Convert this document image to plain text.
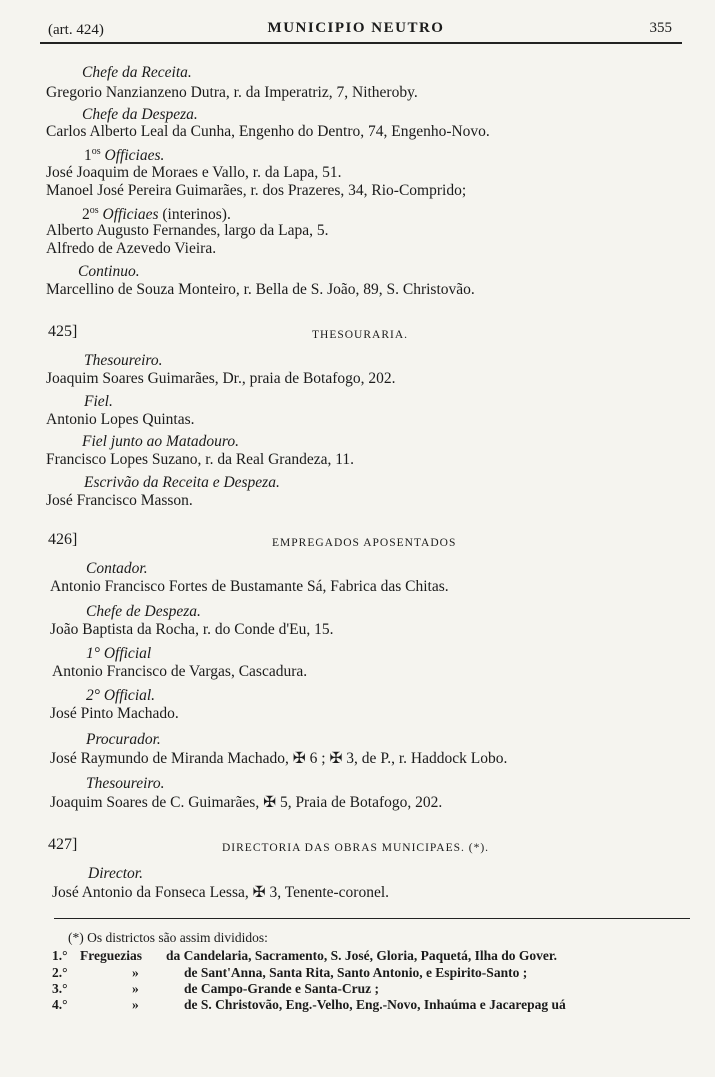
(art. 424)	MUNICIPIO NEUTRO	355
Chefe da Receita.
Gregorio Nanzianzeno Dutra, r. da Imperatriz, 7, Nitheroby.
Chefe da Despeza.
Carlos Alberto Leal da Cunha, Engenho do Dentro, 74, Engenho-Novo.
$1^{os}$ Officiaes.
José Joaquim de Moraes e Vallo, r. da Lapa, 51.
Manoel José Pereira Guimarães, r. dos Prazeres, 34, Rio-Comprido;
$2^{os}$ Officiaes (interinos).
Alberto Augusto Fernandes, largo da Lapa, 5.
Alfredo de Azevedo Vieira.
Continuo.
Marcellino de Souza Monteiro, r. Bella de S. João, 89, S. Christovão.
425]	THESOURARIA.
Thesoureiro.
Joaquim Soares Guimarães, Dr., praia de Botafogo, 202.
Fiel.
Antonio Lopes Quintas.
Fiel junto ao Matadouro.
Francisco Lopes Suzano, r. da Real Grandeza, 11.
Escrivão da Receita e Despeza.
José Francisco Masson.
426]	EMPREGADOS APOSENTADOS
Contador.
Antonio Francisco Fortes de Bustamante Sá, Fabrica das Chitas.
Chefe de Despeza.
João Baptista da Rocha, r. do Conde d'Eu, 15.
1° Official
Antonio Francisco de Vargas, Cascadura.
2° Official.
José Pinto Machado.
Procurador.
José Raymundo de Miranda Machado, ✠ 6 ; ✠ 3, de P., r. Haddock Lobo.
Thesoureiro.
Joaquim Soares de C. Guimarães, ✠ 5, Praia de Botafogo, 202.
427]	DIRECTORIA DAS OBRAS MUNICIPAES. (*).
Director.
José Antonio da Fonseca Lessa, ✠ 3, Tenente-coronel.
(*) Os districtos são assim divididos:
1.° Freguezias da Candelaria, Sacramento, S. José, Gloria, Paquetá, Ilha do Gover.
2.°	»	de Sant'Anna, Santa Rita, Santo Antonio, e Espirito-Santo ;
3.°	»	de Campo-Grande e Santa-Cruz ;
4.°	»	de S. Christovão, Eng.-Velho, Eng.-Novo, Inhaúma e Jacarepag uá
